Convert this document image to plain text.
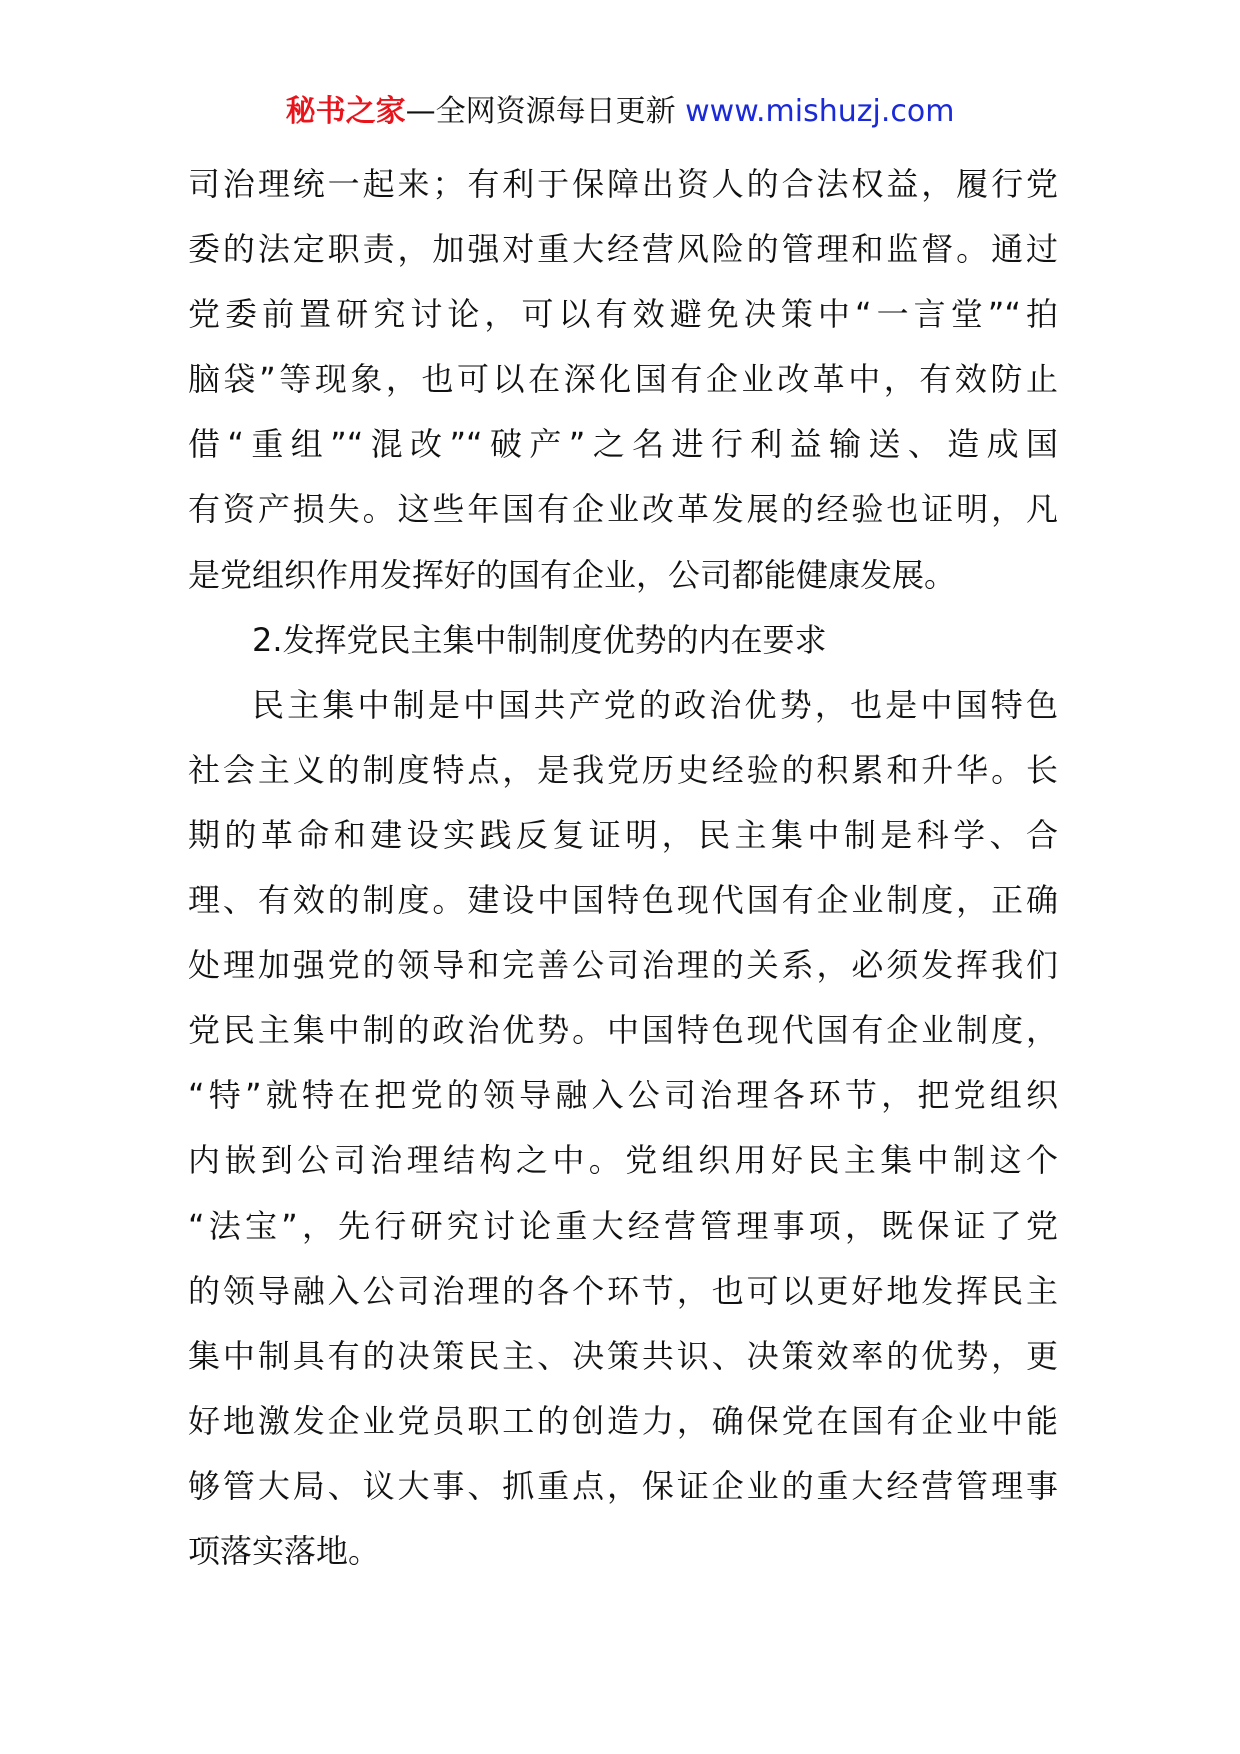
秘书之家—全网资源每日更新 www.mishuzj.com
司治理统一起来；有利于保障出资人的合法权益，履行党
委的法定职责，加强对重大经营风险的管理和监督。通过
党委前置研究讨论，可以有效避免决策中“一言堂”“拍
脑袋”等现象，也可以在深化国有企业改革中，有效防止
借“重组”“混改”“破产”之名进行利益输送、造成国
有资产损失。这些年国有企业改革发展的经验也证明，凡
是党组织作用发挥好的国有企业，公司都能健康发展。
2.发挥党民主集中制制度优势的内在要求
民主集中制是中国共产党的政治优势，也是中国特色
社会主义的制度特点，是我党历史经验的积累和升华。长
期的革命和建设实践反复证明，民主集中制是科学、合
理、有效的制度。建设中国特色现代国有企业制度，正确
处理加强党的领导和完善公司治理的关系，必须发挥我们
党民主集中制的政治优势。中国特色现代国有企业制度，
“特”就特在把党的领导融入公司治理各环节，把党组织
内嵌到公司治理结构之中。党组织用好民主集中制这个
“法宝”，先行研究讨论重大经营管理事项，既保证了党
的领导融入公司治理的各个环节，也可以更好地发挥民主
集中制具有的决策民主、决策共识、决策效率的优势，更
好地激发企业党员职工的创造力，确保党在国有企业中能
够管大局、议大事、抓重点，保证企业的重大经营管理事
项落实落地。
